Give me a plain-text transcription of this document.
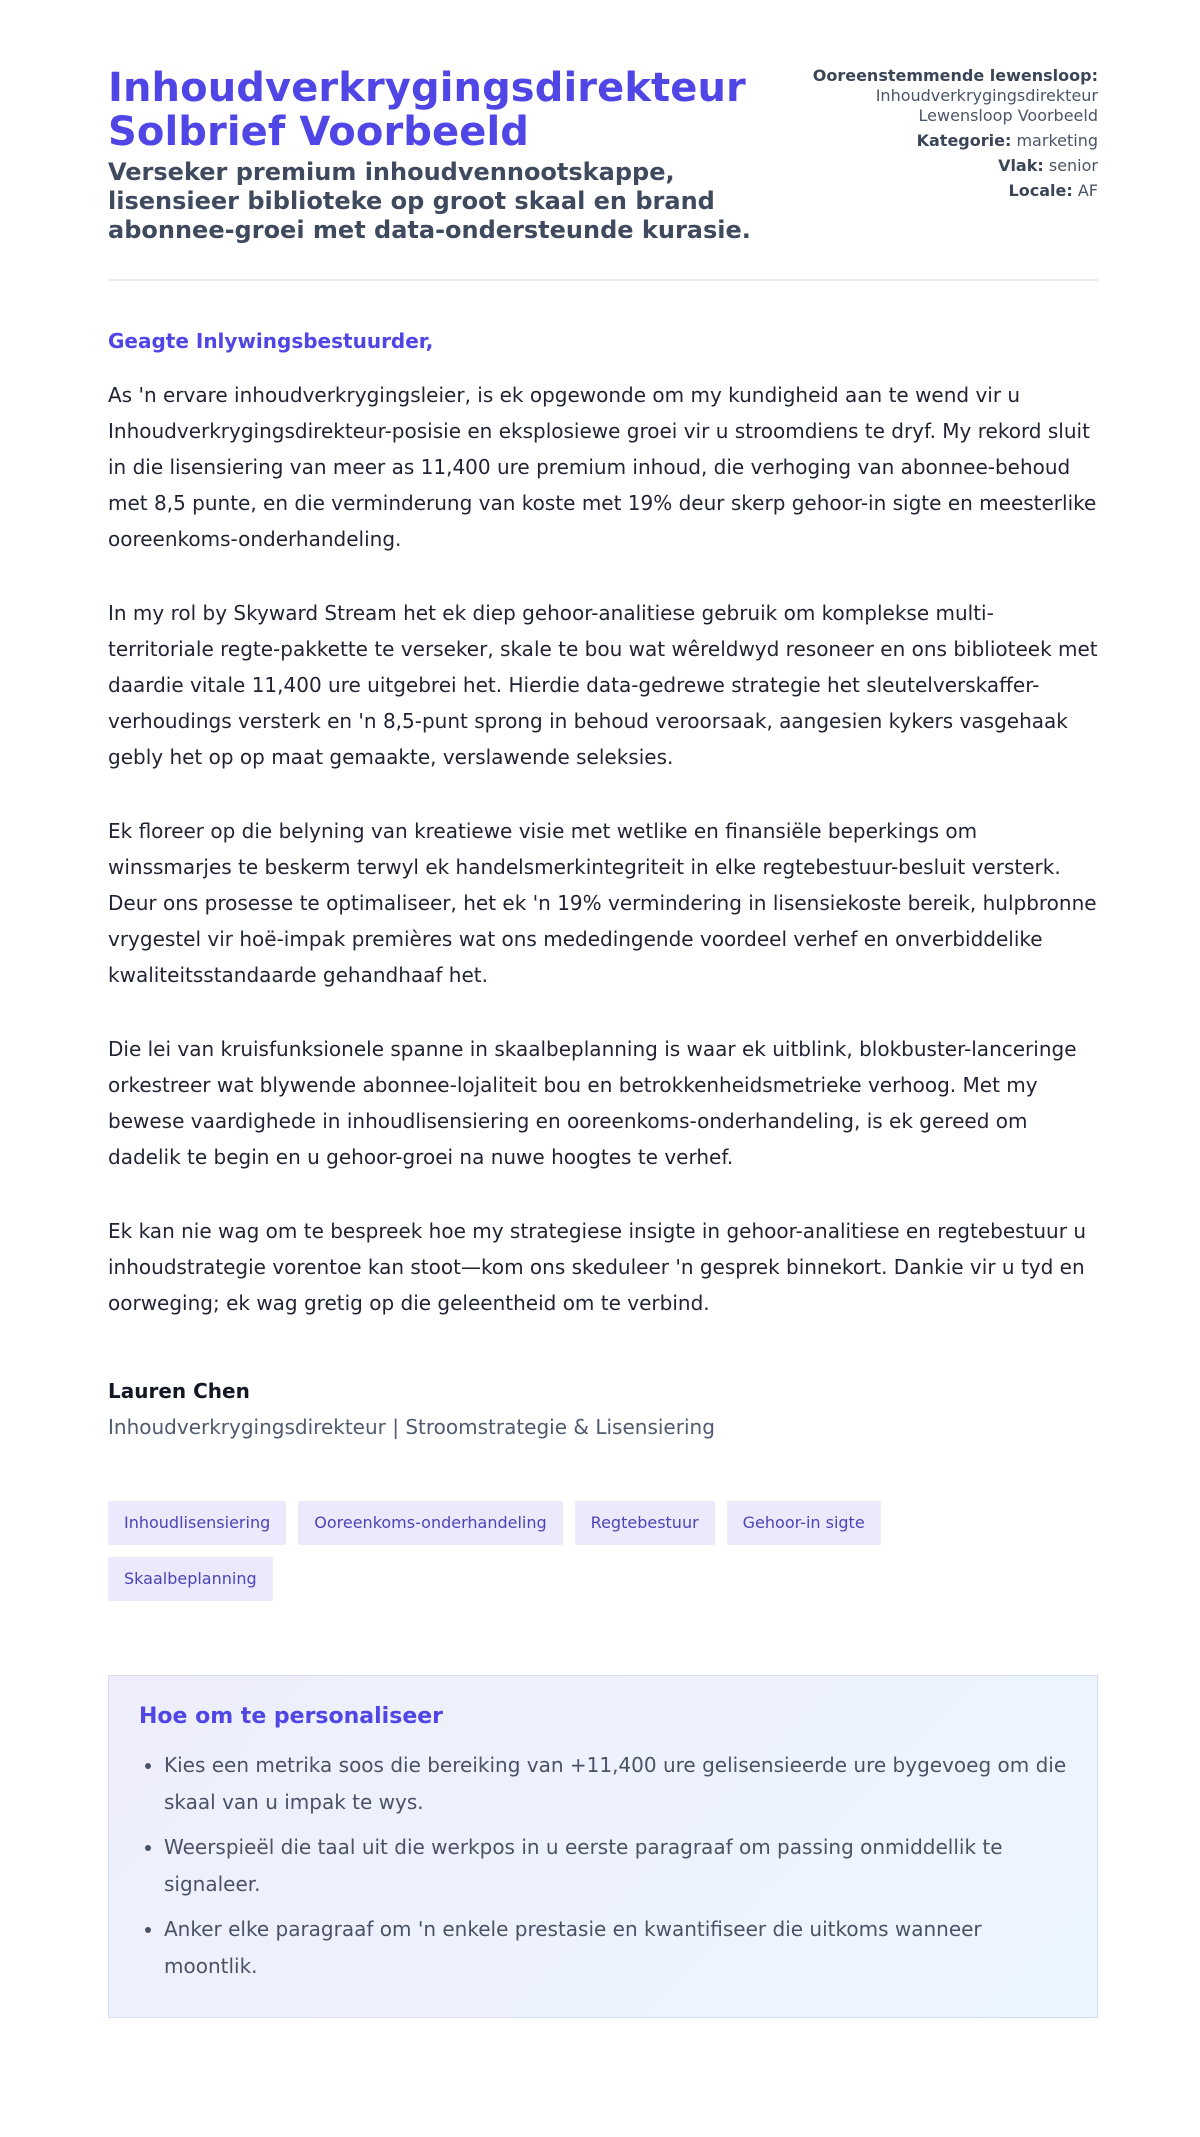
Inhoudverkrygingsdirekteur Solbrief Voorbeeld
Verseker premium inhoudvennootskappe, lisensieer biblioteke op groot skaal en brand abonnee-groei met data-ondersteunde kurasie.
Ooreenstemmende lewensloop:
Inhoudverkrygingsdirekteur Lewensloop Voorbeeld
Kategorie: marketing
Vlak: senior
Locale: AF

Geagte Inlywingsbestuurder,

As 'n ervare inhoudverkrygingsleier, is ek opgewonde om my kundigheid aan te wend vir u Inhoudverkrygingsdirekteur-posisie en eksplosiewe groei vir u stroomdiens te dryf. My rekord sluit in die lisensiering van meer as 11,400 ure premium inhoud, die verhoging van abonnee-behoud met 8,5 punte, en die verminderung van koste met 19% deur skerp gehoor-in sigte en meesterlike ooreenkoms-onderhandeling.

In my rol by Skyward Stream het ek diep gehoor-analitiese gebruik om komplekse multi-territoriale regte-pakkette te verseker, skale te bou wat wêreldwyd resoneer en ons biblioteek met daardie vitale 11,400 ure uitgebrei het. Hierdie data-gedrewe strategie het sleutelverskaffer-verhoudings versterk en 'n 8,5-punt sprong in behoud veroorsaak, aangesien kykers vasgehaak gebly het op op maat gemaakte, verslawende seleksies.

Ek floreer op die belyning van kreatiewe visie met wetlike en finansiële beperkings om winssmarjes te beskerm terwyl ek handelsmerkintegriteit in elke regtebestuur-besluit versterk. Deur ons prosesse te optimaliseer, het ek 'n 19% vermindering in lisensiekoste bereik, hulpbronne vrygestel vir hoë-impak premières wat ons mededingende voordeel verhef en onverbiddelike kwaliteitsstandaarde gehandhaaf het.

Die lei van kruisfunksionele spanne in skaalbeplanning is waar ek uitblink, blokbuster-lanceringe orkestreer wat blywende abonnee-lojaliteit bou en betrokkenheidsmetrieke verhoog. Met my bewese vaardighede in inhoudlisensiering en ooreenkoms-onderhandeling, is ek gereed om dadelik te begin en u gehoor-groei na nuwe hoogtes te verhef.

Ek kan nie wag om te bespreek hoe my strategiese insigte in gehoor-analitiese en regtebestuur u inhoudstrategie vorentoe kan stoot—kom ons skeduleer 'n gesprek binnekort. Dankie vir u tyd en oorweging; ek wag gretig op die geleentheid om te verbind.

Lauren Chen

Inhoudverkrygingsdirekteur | Stroomstrategie & Lisensiering

Inhoudlisensiering	Ooreenkoms-onderhandeling	Regtebestuur	Gehoor-in sigte
Skaalbeplanning
Hoe om te personaliseer
• Kies een metrika soos die bereiking van +11,400 ure gelisensieerde ure bygevoeg om die skaal van u impak te wys.
• Weerspieël die taal uit die werkpos in u eerste paragraaf om passing onmiddellik te signaleer.
• Anker elke paragraaf om 'n enkele prestasie en kwantifiseer die uitkoms wanneer moontlik.
